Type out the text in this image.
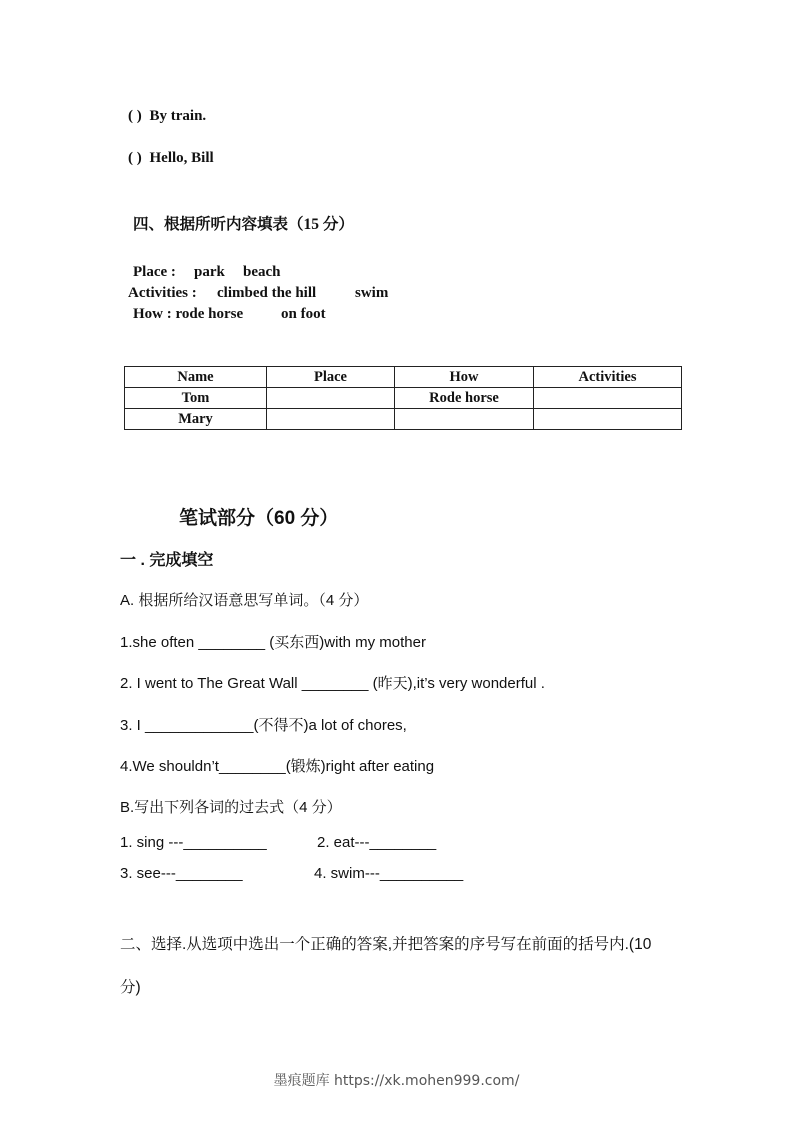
( ) By train.
( ) Hello, Bill
四、根据所听内容填表（15 分）
Place : park beach
Activities : climbed the hill	swim
How : rode horse	on foot
Name	Place	How	Activities
Tom		Rode horse	
Mary			
笔试部分（60 分）
一 . 完成填空
A. 根据所给汉语意思写单词。（4 分）
1.she often ________ (买东西)with my mother
2. I went to The Great Wall ________ (昨天),it’s very wonderful .
3. I _____________(不得不)a lot of chores,
4.We shouldn’t________(锻炼)right after eating
B.写出下列各词的过去式（4 分）
1. sing ---__________	2. eat---________
3. see---________	4. swim---__________
二、选择.从选项中选出一个正确的答案,并把答案的序号写在前面的括号内.(10
分)
墨痕题库 https://xk.mohen999.com/
